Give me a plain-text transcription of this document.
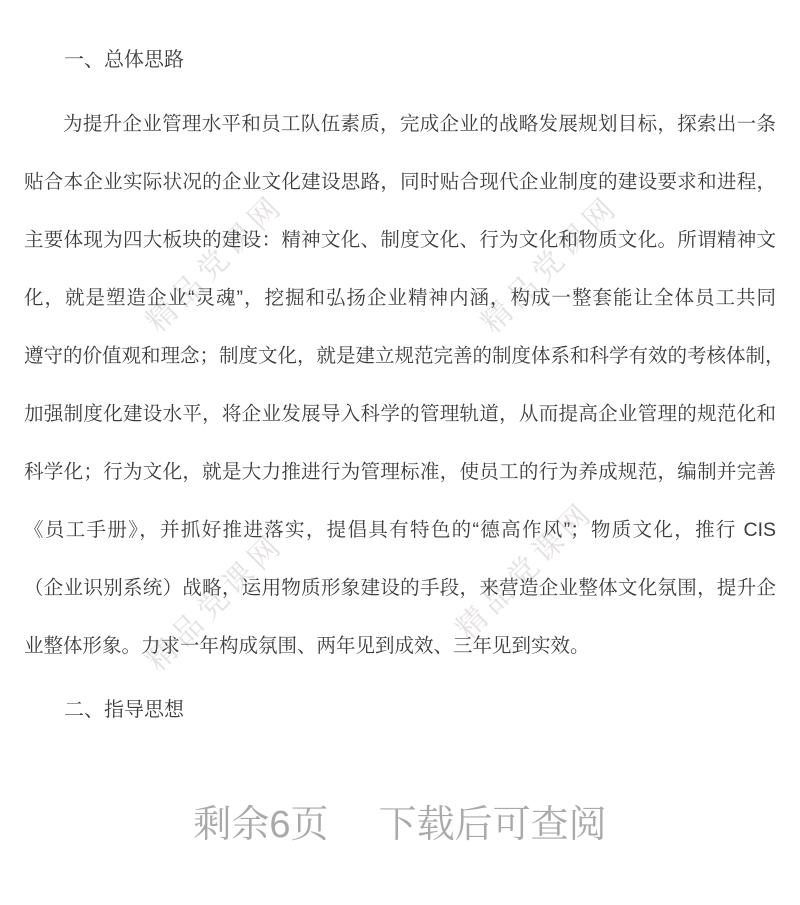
精品党课网	精品党课网
精品党课网	精品党课网
一、总体思路
为提升企业管理水平和员工队伍素质，完成企业的战略发展规划目标，探索出一条
贴合本企业实际状况的企业文化建设思路，同时贴合现代企业制度的建设要求和进程，
主要体现为四大板块的建设：精神文化、制度文化、行为文化和物质文化。所谓精神文
化，就是塑造企业“灵魂”，挖掘和弘扬企业精神内涵，构成一整套能让全体员工共同
遵守的价值观和理念；制度文化，就是建立规范完善的制度体系和科学有效的考核体制，
加强制度化建设水平，将企业发展导入科学的管理轨道，从而提高企业管理的规范化和
科学化；行为文化，就是大力推进行为管理标准，使员工的行为养成规范，编制并完善
《员工手册》，并抓好推进落实，提倡具有特色的“德高作风”；物质文化，推行 CIS
（企业识别系统）战略，运用物质形象建设的手段，来营造企业整体文化氛围，提升企
业整体形象。力求一年构成氛围、两年见到成效、三年见到实效。
二、指导思想
剩余6页 下载后可查阅
